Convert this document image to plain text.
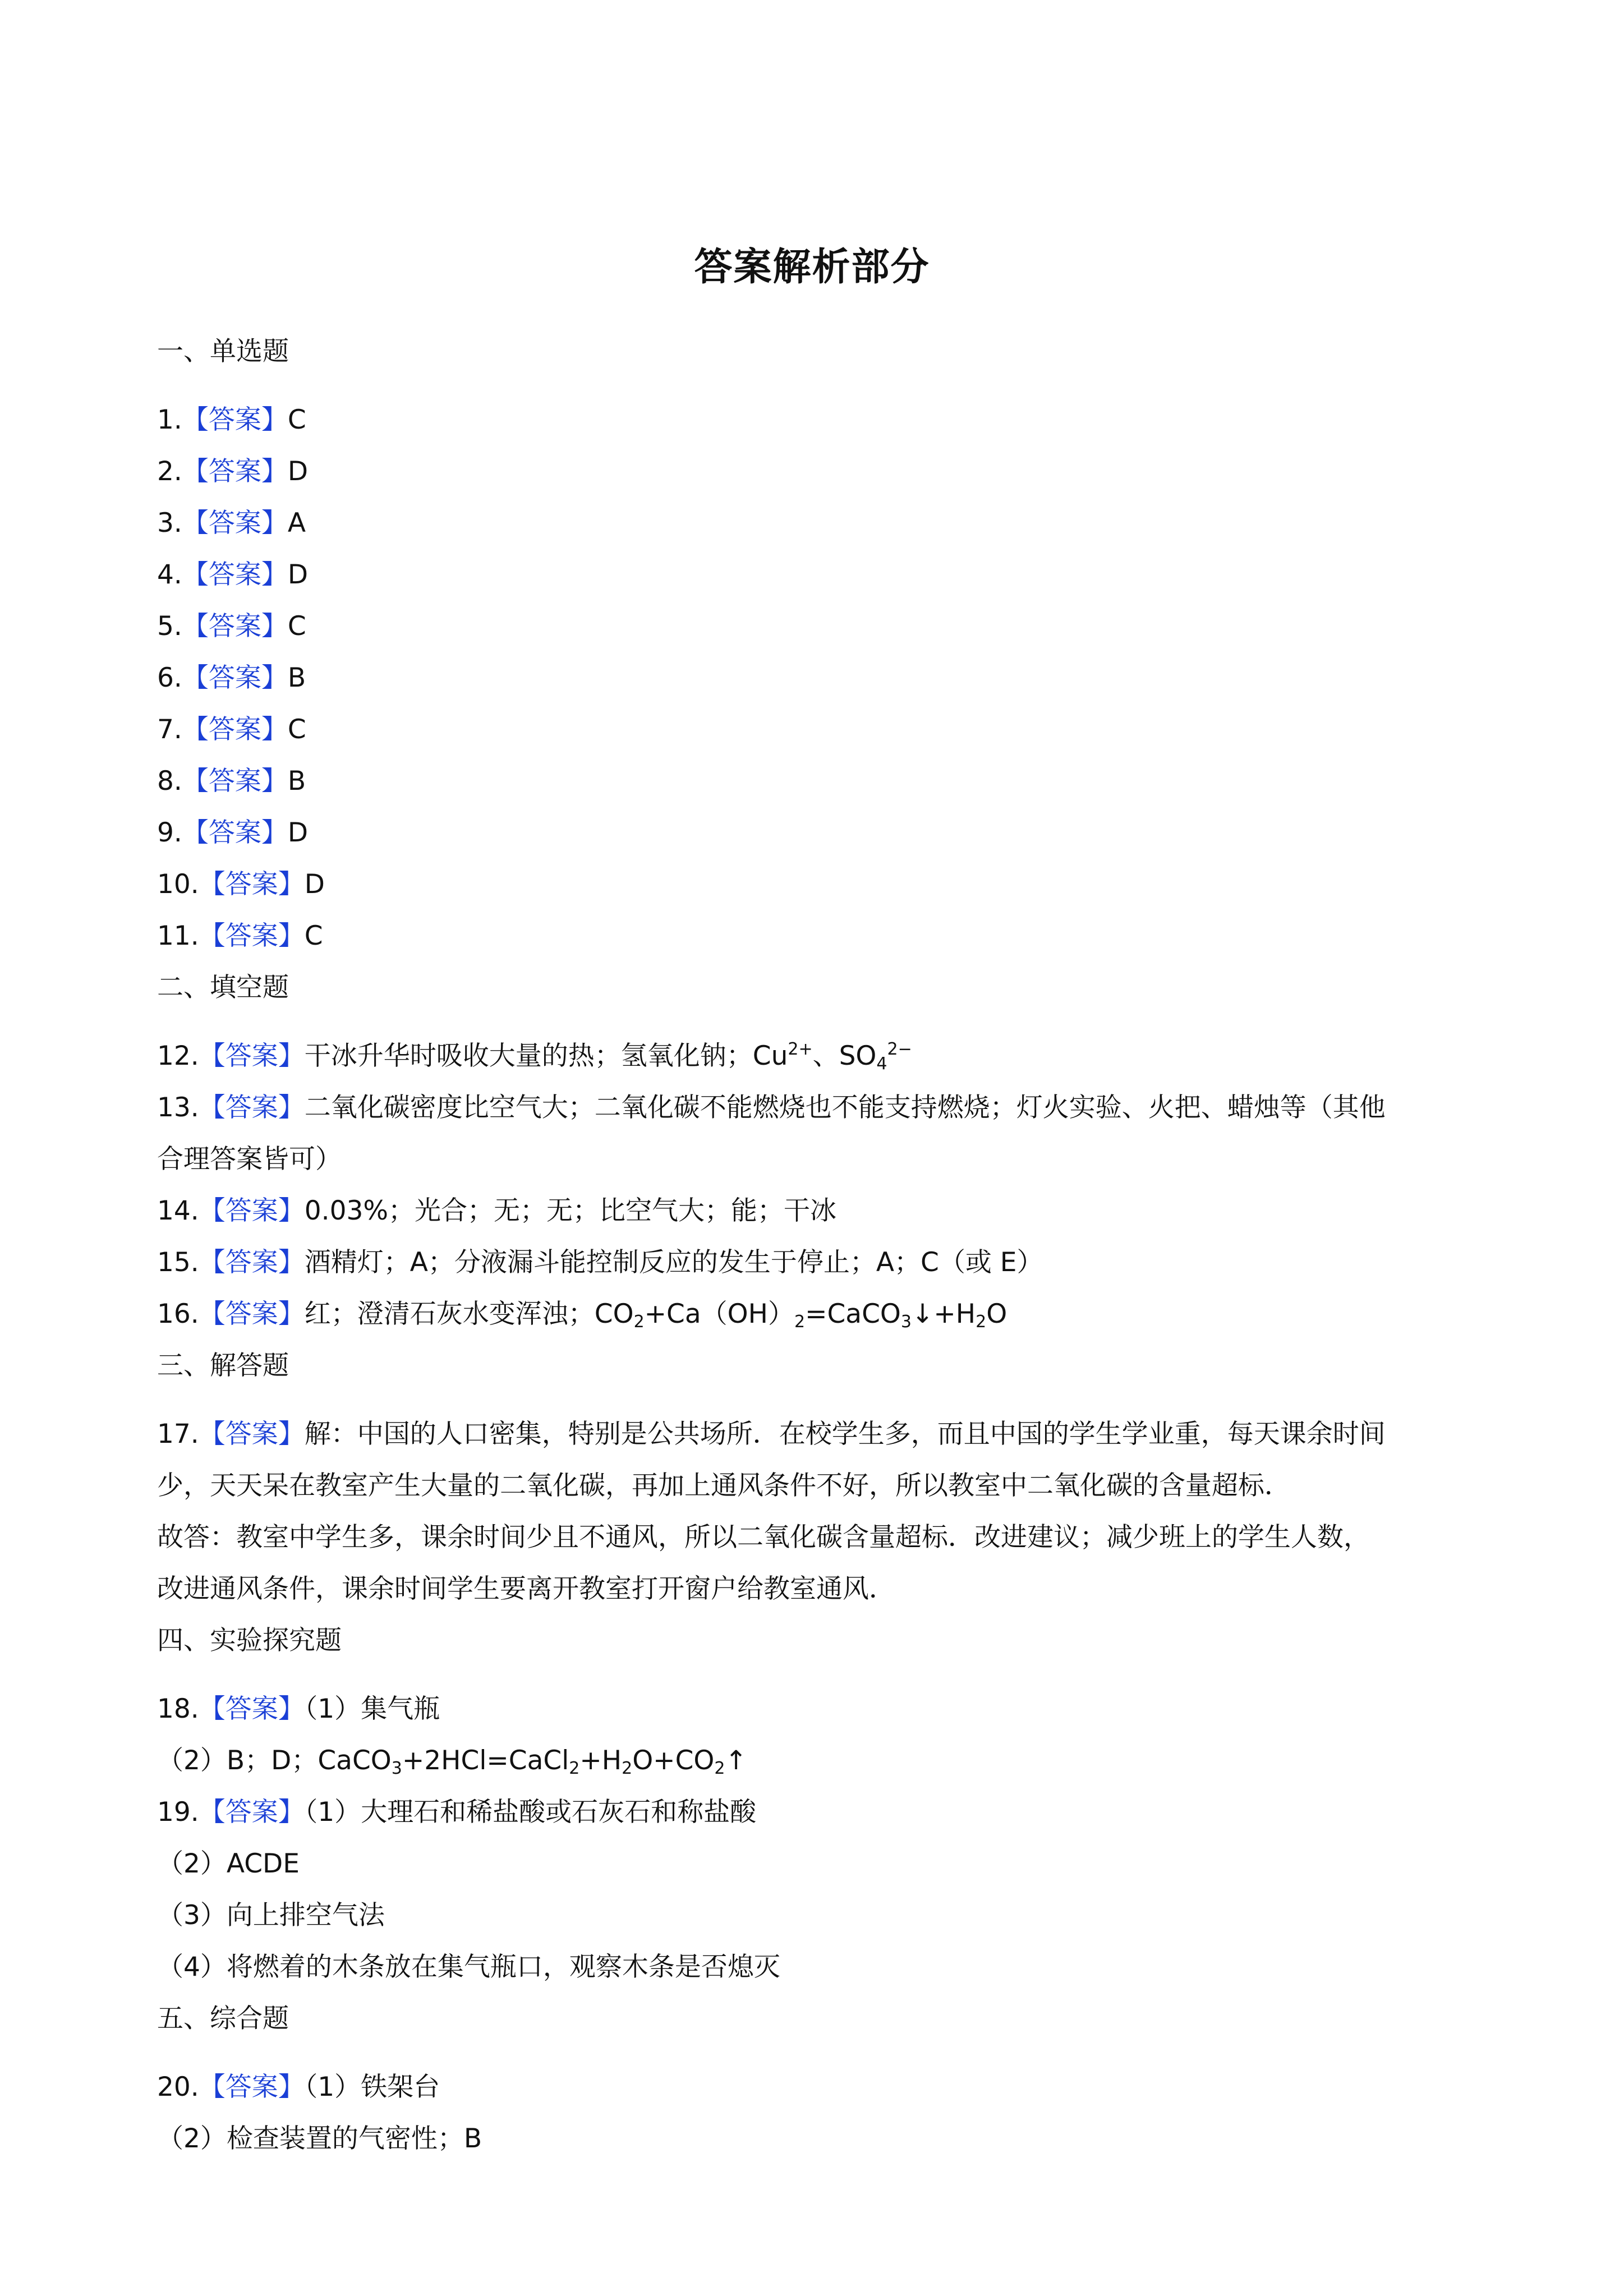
答案解析部分
一、单选题
1.【答案】C
2.【答案】D
3.【答案】A
4.【答案】D
5.【答案】C
6.【答案】B
7.【答案】C
8.【答案】B
9.【答案】D
10.【答案】D
11.【答案】C
二、填空题
12.【答案】干冰升华时吸收大量的热；氢氧化钠；$Cu^{2+}$、$SO_4^{2-}$
13.【答案】二氧化碳密度比空气大；二氧化碳不能燃烧也不能支持燃烧；灯火实验、火把、蜡烛等（其他
合理答案皆可）
14.【答案】0.03%；光合；无；无；比空气大；能；干冰
15.【答案】酒精灯；A；分液漏斗能控制反应的发生于停止；A；C（或 E）
16.【答案】红；澄清石灰水变浑浊；$CO_2+Ca(OH)_2=CaCO_3↓+H_2O$
三、解答题
17.【答案】解：中国的人口密集，特别是公共场所．在校学生多，而且中国的学生学业重，每天课余时间
少，天天呆在教室产生大量的二氧化碳，再加上通风条件不好，所以教室中二氧化碳的含量超标．
故答：教室中学生多，课余时间少且不通风，所以二氧化碳含量超标．改进建议；减少班上的学生人数，
改进通风条件，课余时间学生要离开教室打开窗户给教室通风．
四、实验探究题
18.【答案】（1）集气瓶
（2）B；D；$CaCO_3+2HCl=CaCl_2+H_2O+CO_2↑$
19.【答案】（1）大理石和稀盐酸或石灰石和称盐酸
（2）ACDE
（3）向上排空气法
（4）将燃着的木条放在集气瓶口，观察木条是否熄灭
五、综合题
20.【答案】（1）铁架台
（2）检查装置的气密性；B
